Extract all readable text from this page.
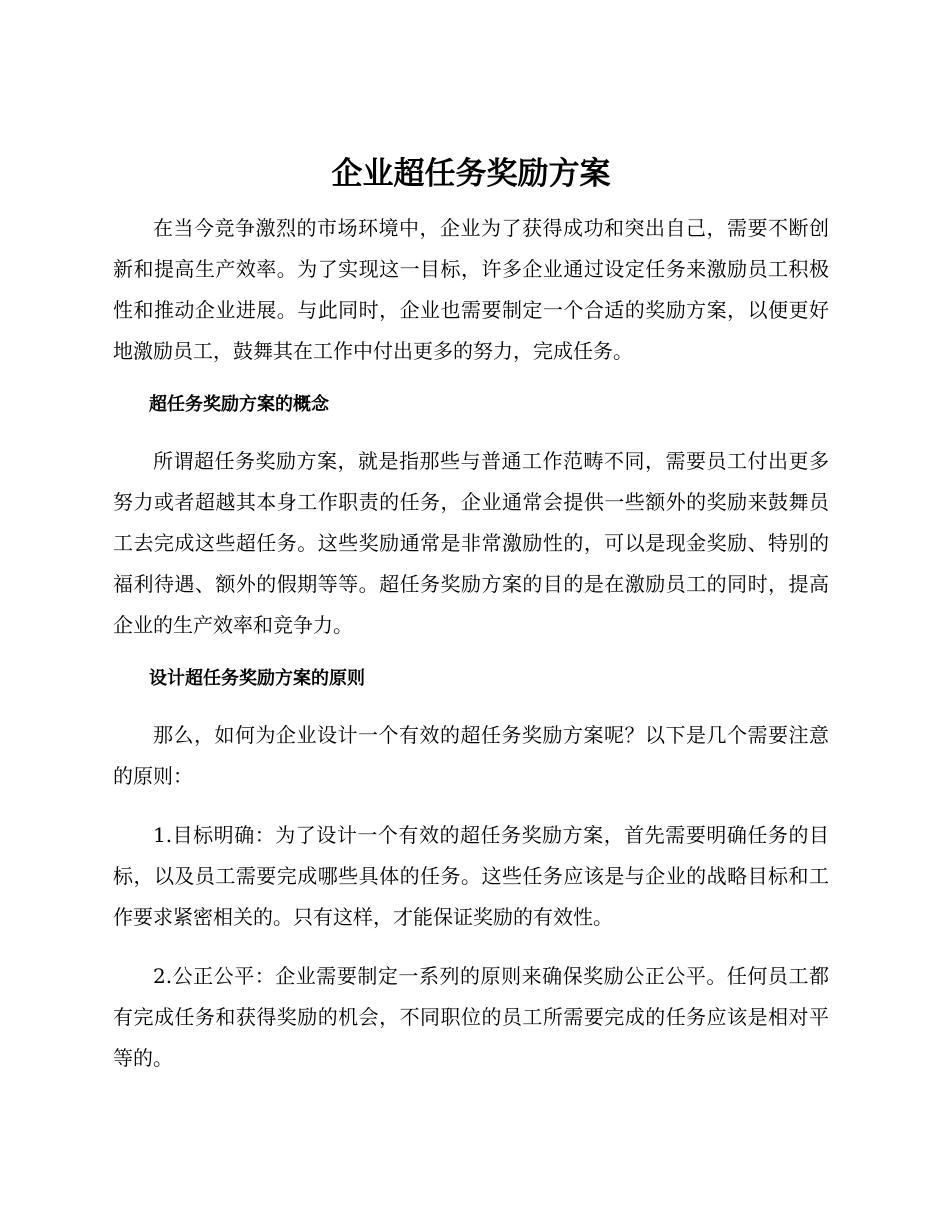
企业超任务奖励方案

在当今竞争激烈的市场环境中，企业为了获得成功和突出自己，需要不断创新和提高生产效率。为了实现这一目标，许多企业通过设定任务来激励员工积极性和推动企业进展。与此同时，企业也需要制定一个合适的奖励方案，以便更好地激励员工，鼓舞其在工作中付出更多的努力，完成任务。

超任务奖励方案的概念

所谓超任务奖励方案，就是指那些与普通工作范畴不同，需要员工付出更多努力或者超越其本身工作职责的任务，企业通常会提供一些额外的奖励来鼓舞员工去完成这些超任务。这些奖励通常是非常激励性的，可以是现金奖励、特别的福利待遇、额外的假期等等。超任务奖励方案的目的是在激励员工的同时，提高企业的生产效率和竞争力。

设计超任务奖励方案的原则

那么，如何为企业设计一个有效的超任务奖励方案呢？以下是几个需要注意的原则：

1.目标明确：为了设计一个有效的超任务奖励方案，首先需要明确任务的目标，以及员工需要完成哪些具体的任务。这些任务应该是与企业的战略目标和工作要求紧密相关的。只有这样，才能保证奖励的有效性。

2.公正公平：企业需要制定一系列的原则来确保奖励公正公平。任何员工都有完成任务和获得奖励的机会，不同职位的员工所需要完成的任务应该是相对平等的。
